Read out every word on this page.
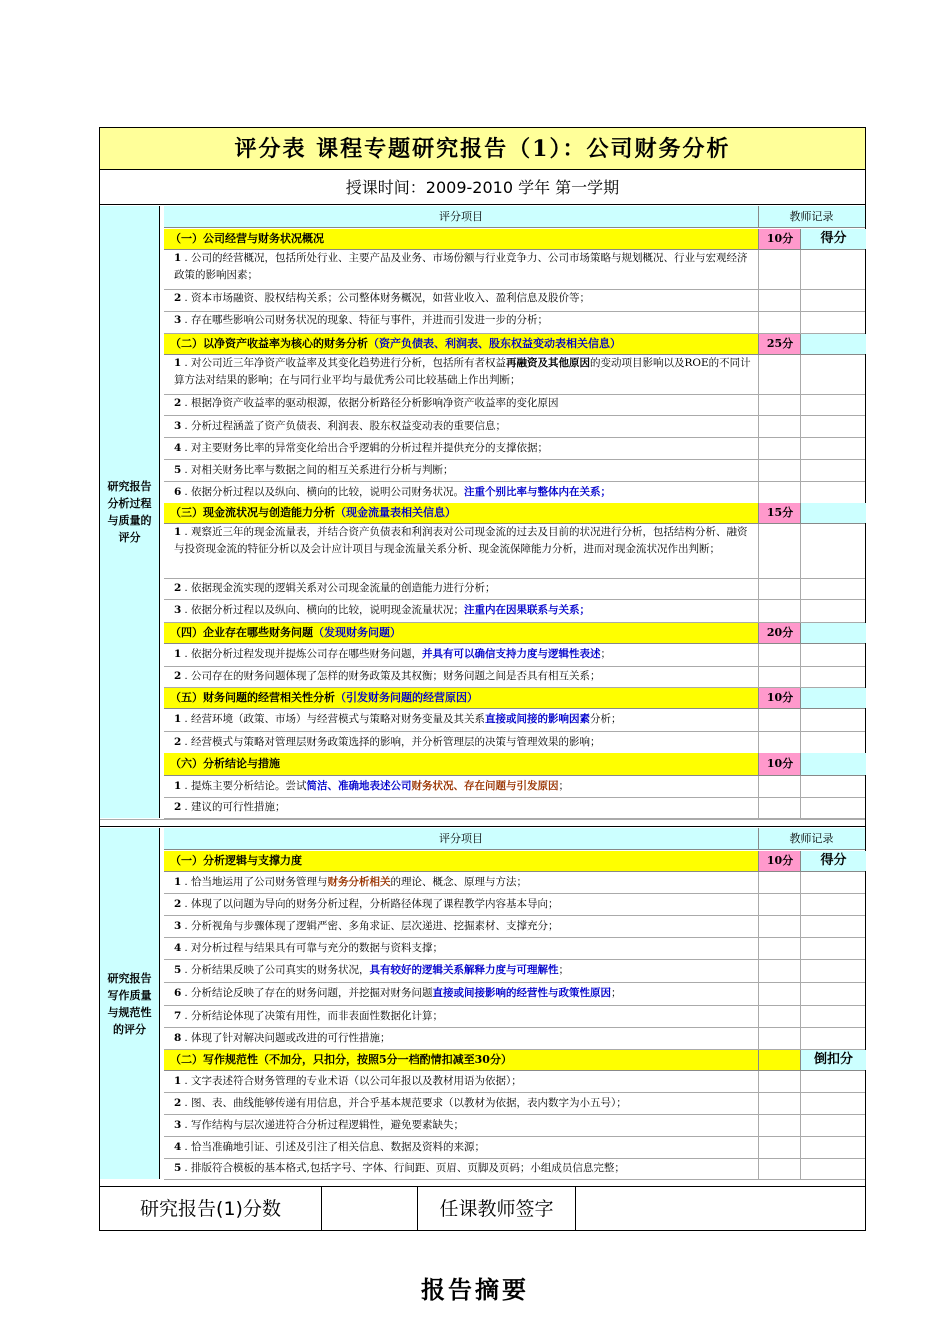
评分表 课程专题研究报告（1）：公司财务分析
授课时间：2009-2010 学年 第一学期
研究报告分析过程与质量的评分
评分项目	教师记录
（一）公司经营与财务状况概况	10分	得分
1 . 公司的经营概况，包括所处行业、主要产品及业务、市场份额与行业竞争力、公司市场策略与规划概况、行业与宏观经济政策的影响因素；
2 . 资本市场融资、股权结构关系；公司整体财务概况，如营业收入、盈利信息及股价等；
3 . 存在哪些影响公司财务状况的现象、特征与事件，并进而引发进一步的分析；
（二）以净资产收益率为核心的财务分析（资产负债表、利润表、股东权益变动表相关信息）	25分
1 . 对公司近三年净资产收益率及其变化趋势进行分析，包括所有者权益再融资及其他原因的变动项目影响以及ROE的不同计算方法对结果的影响；在与同行业平均与最优秀公司比较基础上作出判断；
2 . 根据净资产收益率的驱动根源，依据分析路径分析影响净资产收益率的变化原因
3 . 分析过程涵盖了资产负债表、利润表、股东权益变动表的重要信息；
4 . 对主要财务比率的异常变化给出合乎逻辑的分析过程并提供充分的支撑依据；
5 . 对相关财务比率与数据之间的相互关系进行分析与判断；
6 . 依据分析过程以及纵向、横向的比较，说明公司财务状况。注重个别比率与整体内在关系；
（三）现金流状况与创造能力分析（现金流量表相关信息）	15分
1 . 观察近三年的现金流量表，并结合资产负债表和利润表对公司现金流的过去及目前的状况进行分析，包括结构分析、融资与投资现金流的特征分析以及会计应计项目与现金流量关系分析、现金流保障能力分析，进而对现金流状况作出判断；
2 . 依据现金流实现的逻辑关系对公司现金流量的创造能力进行分析；
3 . 依据分析过程以及纵向、横向的比较，说明现金流量状况；注重内在因果联系与关系；
（四）企业存在哪些财务问题（发现财务问题）	20分
1 . 依据分析过程发现并提炼公司存在哪些财务问题，并具有可以确信支持力度与逻辑性表述；
2 . 公司存在的财务问题体现了怎样的财务政策及其权衡；财务问题之间是否具有相互关系；
（五）财务问题的经营相关性分析（引发财务问题的经营原因）	10分
1 . 经营环境（政策、市场）与经营模式与策略对财务变量及其关系直接或间接的影响因素分析；
2 . 经营模式与策略对管理层财务政策选择的影响，并分析管理层的决策与管理效果的影响；
（六）分析结论与措施	10分
1 . 提炼主要分析结论。尝试简洁、准确地表述公司财务状况、存在问题与引发原因；
2 . 建议的可行性措施；
研究报告写作质量与规范性的评分
评分项目	教师记录
（一）分析逻辑与支撑力度	10分	得分
1 . 恰当地运用了公司财务管理与财务分析相关的理论、概念、原理与方法；
2 . 体现了以问题为导向的财务分析过程，分析路径体现了课程教学内容基本导向；
3 . 分析视角与步骤体现了逻辑严密、多角求证、层次递进、挖掘素材、支撑充分；
4 . 对分析过程与结果具有可靠与充分的数据与资料支撑；
5 . 分析结果反映了公司真实的财务状况，具有较好的逻辑关系解释力度与可理解性；
6 . 分析结论反映了存在的财务问题，并挖掘对财务问题直接或间接影响的经营性与政策性原因；
7 . 分析结论体现了决策有用性，而非表面性数据化计算；
8 . 体现了针对解决问题或改进的可行性措施；
（二）写作规范性（不加分，只扣分，按照5分一档酌情扣减至30分）	倒扣分
1 . 文字表述符合财务管理的专业术语（以公司年报以及教材用语为依据）；
2 . 图、表、曲线能够传递有用信息，并合乎基本规范要求（以教材为依据，表内数字为小五号）；
3 . 写作结构与层次递进符合分析过程逻辑性，避免要素缺失；
4 . 恰当准确地引证、引述及引注了相关信息、数据及资料的来源；
5 . 排版符合模板的基本格式,包括字号、字体、行间距、页眉、页脚及页码；小组成员信息完整；
研究报告(1)分数	任课教师签字
报告摘要
